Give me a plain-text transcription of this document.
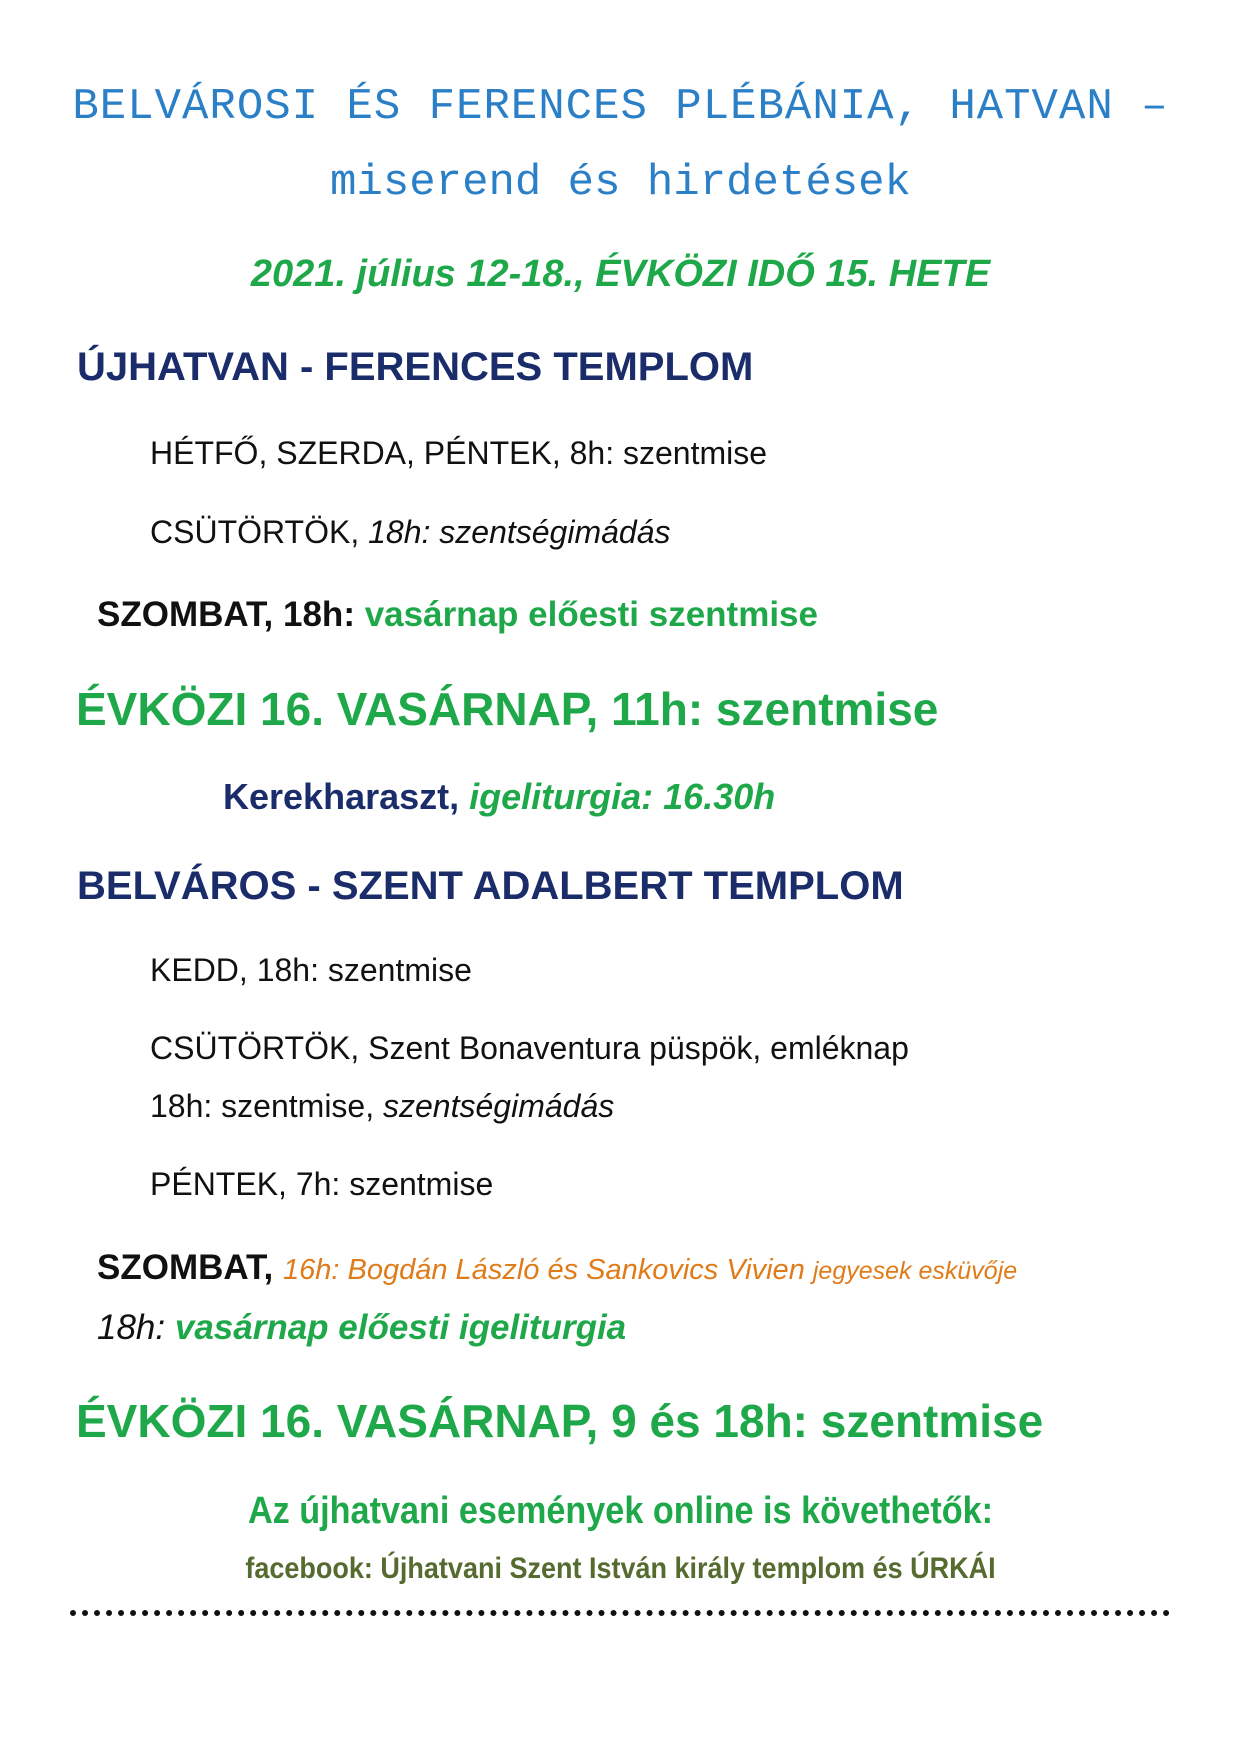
BELVÁROSI ÉS FERENCES PLÉBÁNIA, HATVAN –
miserend és hirdetések
2021. július 12-18., ÉVKÖZI IDŐ 15. HETE
ÚJHATVAN - FERENCES TEMPLOM
HÉTFŐ, SZERDA, PÉNTEK, 8h: szentmise
CSÜTÖRTÖK, 18h: szentségimádás
SZOMBAT, 18h: vasárnap előesti szentmise
ÉVKÖZI 16. VASÁRNAP, 11h: szentmise
Kerekharaszt, igeliturgia: 16.30h
BELVÁROS - SZENT ADALBERT TEMPLOM
KEDD, 18h: szentmise
CSÜTÖRTÖK, Szent Bonaventura püspök, emléknap
18h: szentmise, szentségimádás
PÉNTEK, 7h: szentmise
SZOMBAT, 16h: Bogdán László és Sankovics Vivien jegyesek esküvője
18h: vasárnap előesti igeliturgia
ÉVKÖZI 16. VASÁRNAP, 9 és 18h: szentmise
Az újhatvani események online is követhetők:
facebook: Újhatvani Szent István király templom és ÚRKÁI
